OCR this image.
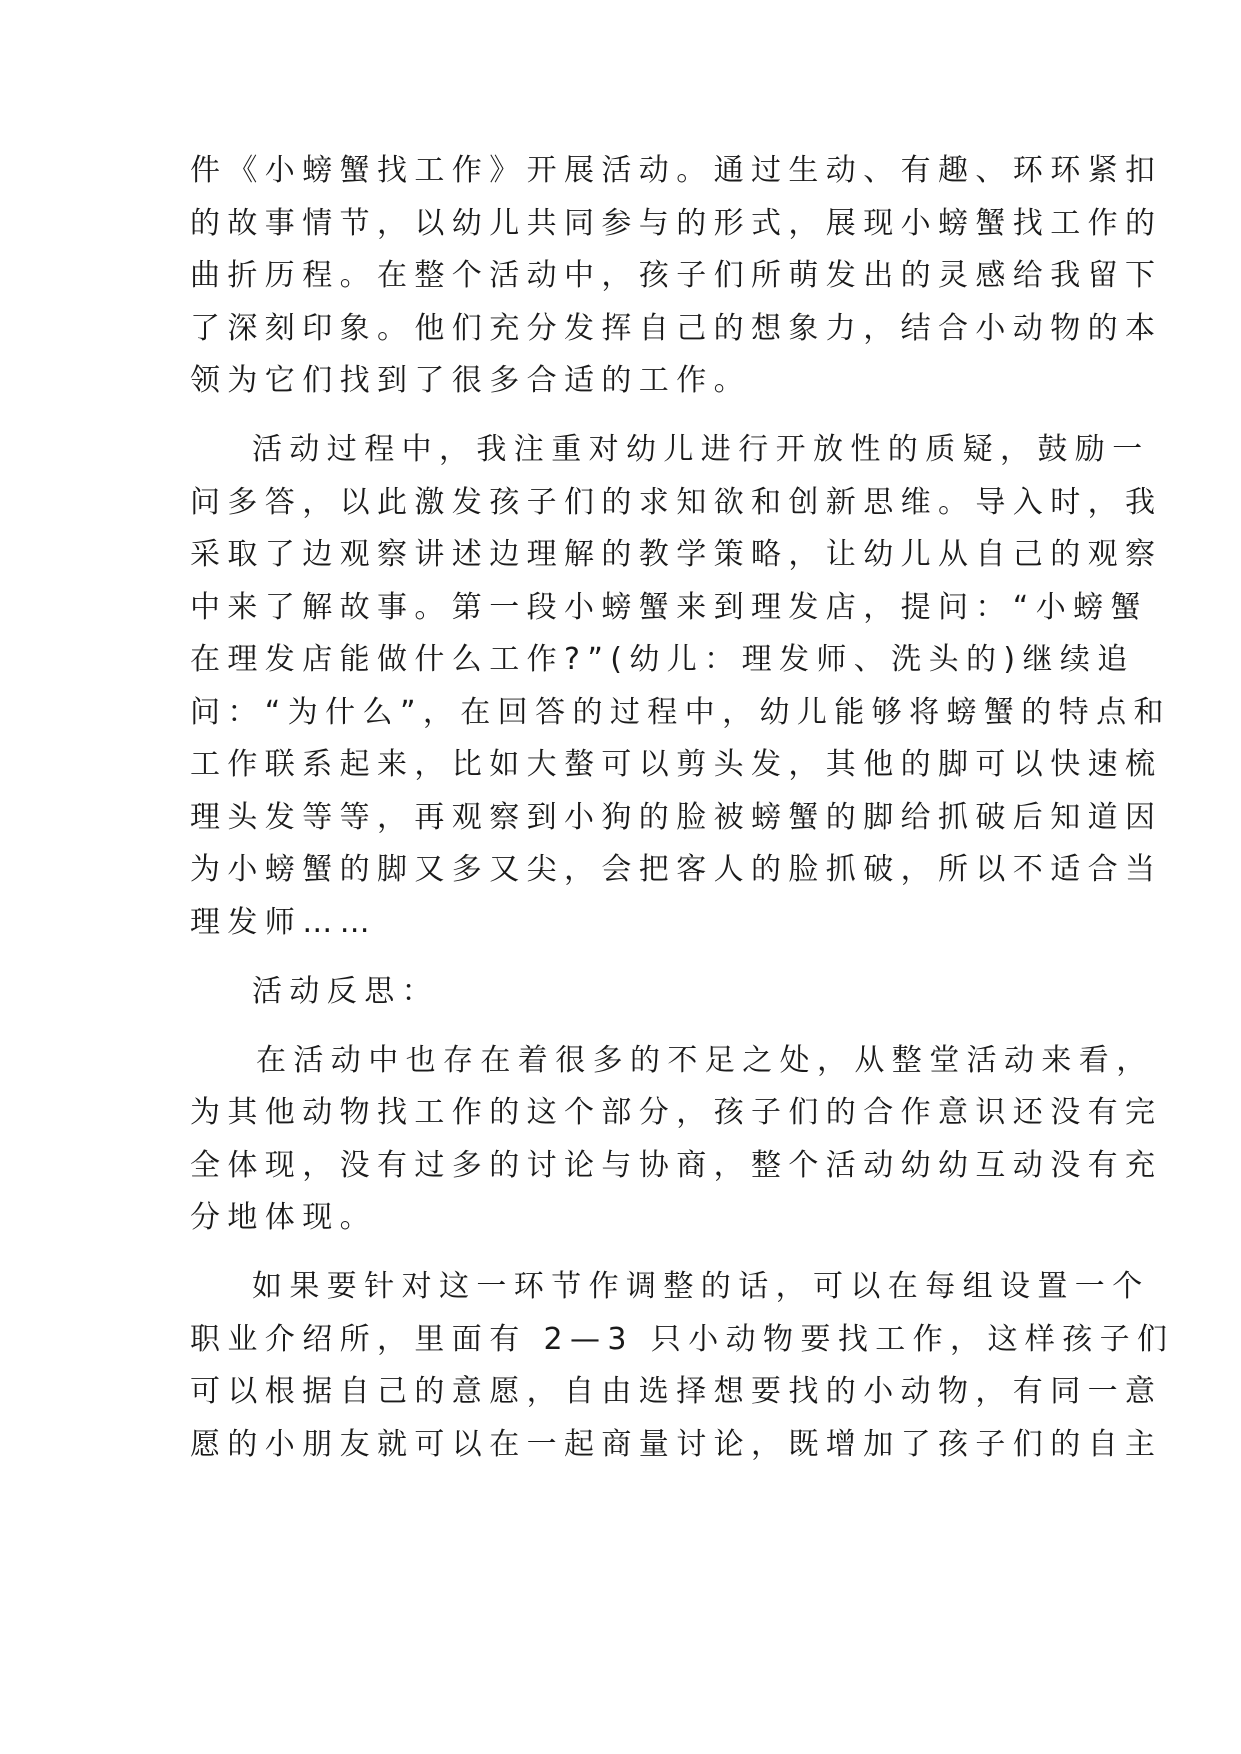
件《小螃蟹找工作》开展活动。通过生动、有趣、环环紧扣
的故事情节，以幼儿共同参与的形式，展现小螃蟹找工作的
曲折历程。在整个活动中，孩子们所萌发出的灵感给我留下
了深刻印象。他们充分发挥自己的想象力，结合小动物的本
领为它们找到了很多合适的工作。
活动过程中，我注重对幼儿进行开放性的质疑，鼓励一
问多答，以此激发孩子们的求知欲和创新思维。导入时，我
采取了边观察讲述边理解的教学策略，让幼儿从自己的观察
中来了解故事。第一段小螃蟹来到理发店，提问：“小螃蟹
在理发店能做什么工作?”(幼儿：理发师、洗头的)继续追
问：“为什么”，在回答的过程中，幼儿能够将螃蟹的特点和
工作联系起来，比如大螯可以剪头发，其他的脚可以快速梳
理头发等等，再观察到小狗的脸被螃蟹的脚给抓破后知道因
为小螃蟹的脚又多又尖，会把客人的脸抓破，所以不适合当
理发师……
活动反思：
在活动中也存在着很多的不足之处，从整堂活动来看，
为其他动物找工作的这个部分，孩子们的合作意识还没有完
全体现，没有过多的讨论与协商，整个活动幼幼互动没有充
分地体现。
如果要针对这一环节作调整的话，可以在每组设置一个
职业介绍所，里面有 2—3 只小动物要找工作，这样孩子们
可以根据自己的意愿，自由选择想要找的小动物，有同一意
愿的小朋友就可以在一起商量讨论，既增加了孩子们的自主
